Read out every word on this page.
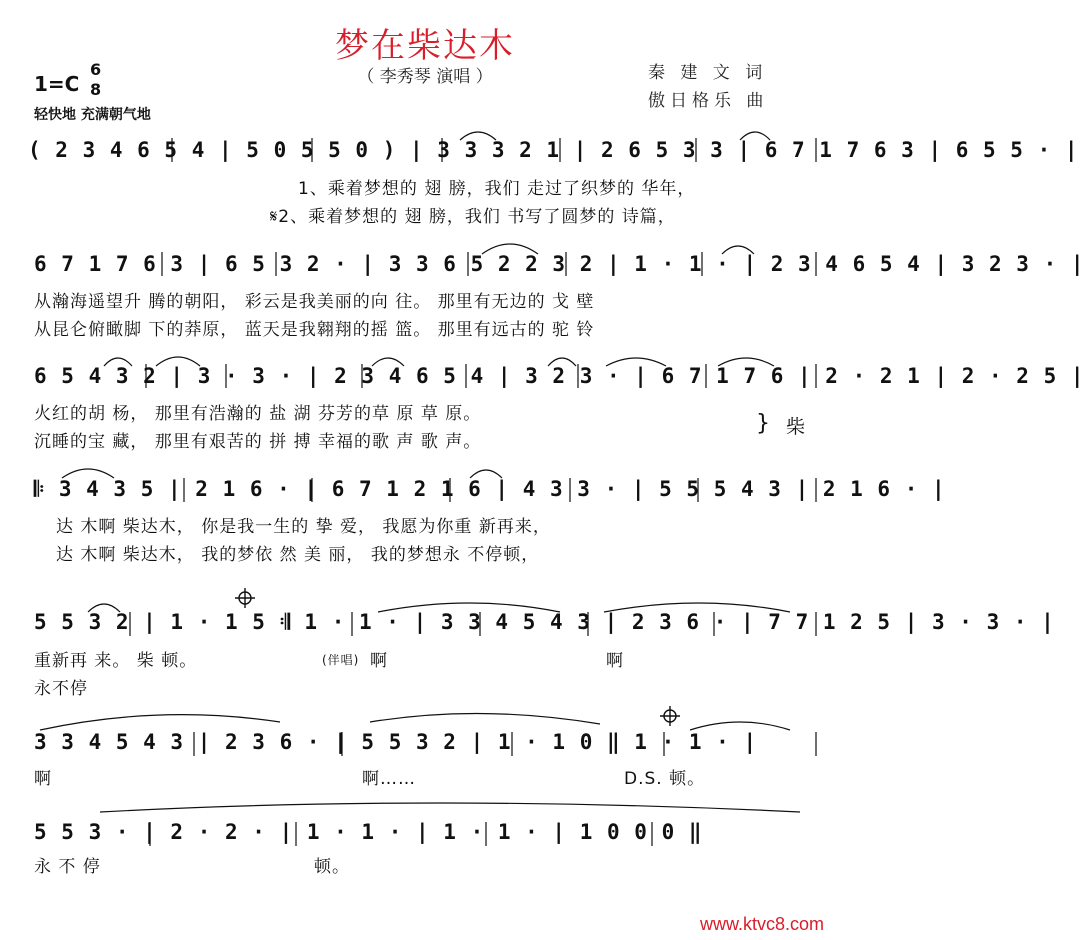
梦在柴达木
（ 李秀琴 演唱 ）	秦 建 文 词
傲日格乐 曲
1=C
6
8
轻快地 充满朝气地
( 2 3 4 6 5 4 | 5 0 5 5 0 ) | 3 3 3 2 1 | 2 6 5 3 3 | 6 7 1 7 6 3 | 6 5 5 · |
1、乘着梦想的 翅 膀，我们 走过了织梦的 华年，
𝄋2、乘着梦想的 翅 膀，我们 书写了圆梦的 诗篇，
6 7 1 7 6 3 | 6 5 3 2 · | 3 3 6 5 2 2 3 2 | 1 · 1 · | 2 3 4 6 5 4 | 3 2 3 · |
从瀚海遥望升 腾的朝阳， 彩云是我美丽的向 往。 那里有无边的 戈 壁
从昆仑俯瞰脚 下的莽原， 蓝天是我翱翔的摇 篮。 那里有远古的 驼 铃
6 5 4 3 2 | 3 · 3 · | 2 3 4 6 5 4 | 3 2 3 · | 6 7 1 7 6 | 2 · 2 1 | 2 · 2 5 |
火红的胡 杨， 那里有浩瀚的 盐 湖 芬芳的草 原 草 原。
沉睡的宝 藏， 那里有艰苦的 拼 搏 幸福的歌 声 歌 声。
柴
𝄆 3 4 3 5 | 2 1 6 · | 6 7 1 2 1 6 | 4 3 3 · | 5 5 5 4 3 | 2 1 6 · |
达 木啊 柴达木， 你是我一生的 挚 爱， 我愿为你重 新再来，
达 木啊 柴达木， 我的梦依 然 美 丽， 我的梦想永 不停顿，
5 5 3 2 | 1 · 1 5 𝄇 1 · 1 · | 3 3 4 5 4 3 | 2 3 6 · | 7 7 1 2 5 | 3 · 3 · |
重新再 来。 柴 顿。	(伴唱) 啊	啊
永不停
3 3 4 5 4 3 | 2 3 6 · | 5 5 3 2 | 1 · 1 0 ‖ 1 · 1 · |
啊	啊……	D.S. 顿。
5 5 3 · | 2 · 2 · | 1 · 1 · | 1 · 1 · | 1 0 0 0 ‖
永 不 停	顿。
www.ktvc8.com
}
